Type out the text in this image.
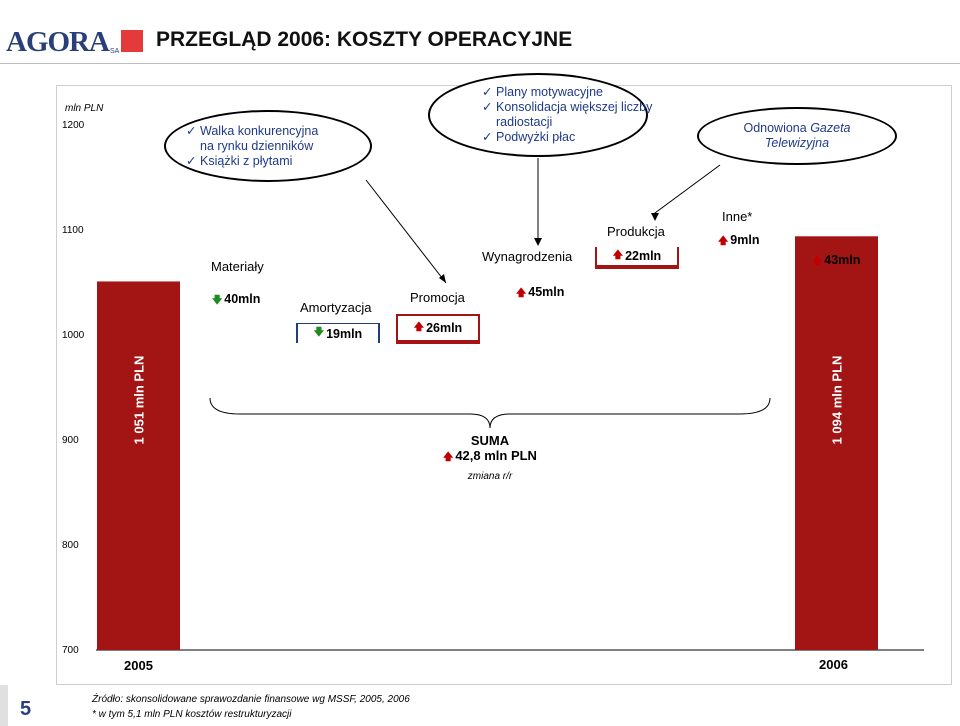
AGORA SA
PRZEGLĄD 2006: KOSZTY OPERACYJNE
700
800
900
1000
1100
1200
mln PLN
1 051 mln PLN	1 094 mln PLN
✓ Walka konkurencyjna
na rynku dzienników
✓ Książki z płytami
✓ Plany motywacyjne
✓ Konsolidacja większej liczby
radiostacji
✓ Podwyżki płac
Odnowiona Gazeta
Telewizyjna
Materiały
Amortyzacja
Promocja
Wynagrodzenia
Produkcja
Inne*
🡇 40mln
🡇 19mln	🡅 26mln
🡅 45mln
🡅 22mln
🡅 9mln
🡅 43mln
SUMA
🡅 42,8 mln PLN
zmiana r/r
2005	2006
5	Źródło: skonsolidowane sprawozdanie finansowe wg MSSF, 2005, 2006
* w tym 5,1 mln PLN kosztów restrukturyzacji
